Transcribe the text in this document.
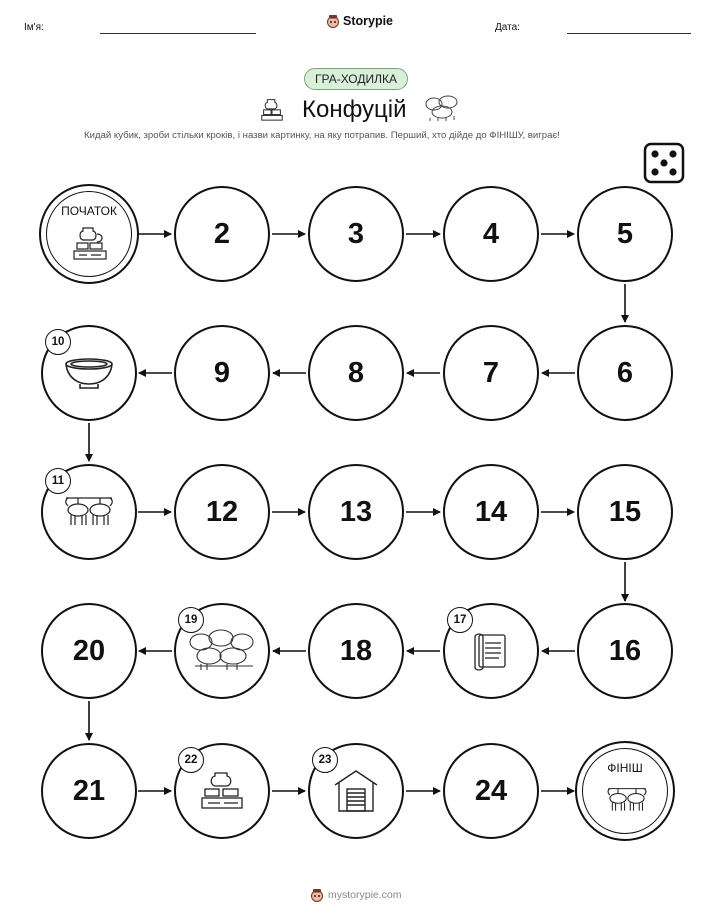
Ім'я:	Storypie	Дата:
ГРА-ХОДИЛКА
Конфуцій
Кидай кубик, зроби стільки кроків, і назви картинку, на яку потрапив. Перший, хто дійде до ФІНІШУ, виграє!
ПОЧАТОК
2	3	4	5
6
7
8
9
10
11
12	13	14	15
16
17
18
19
20
21
22	23
24
ФІНІШ
mystorypie.com
